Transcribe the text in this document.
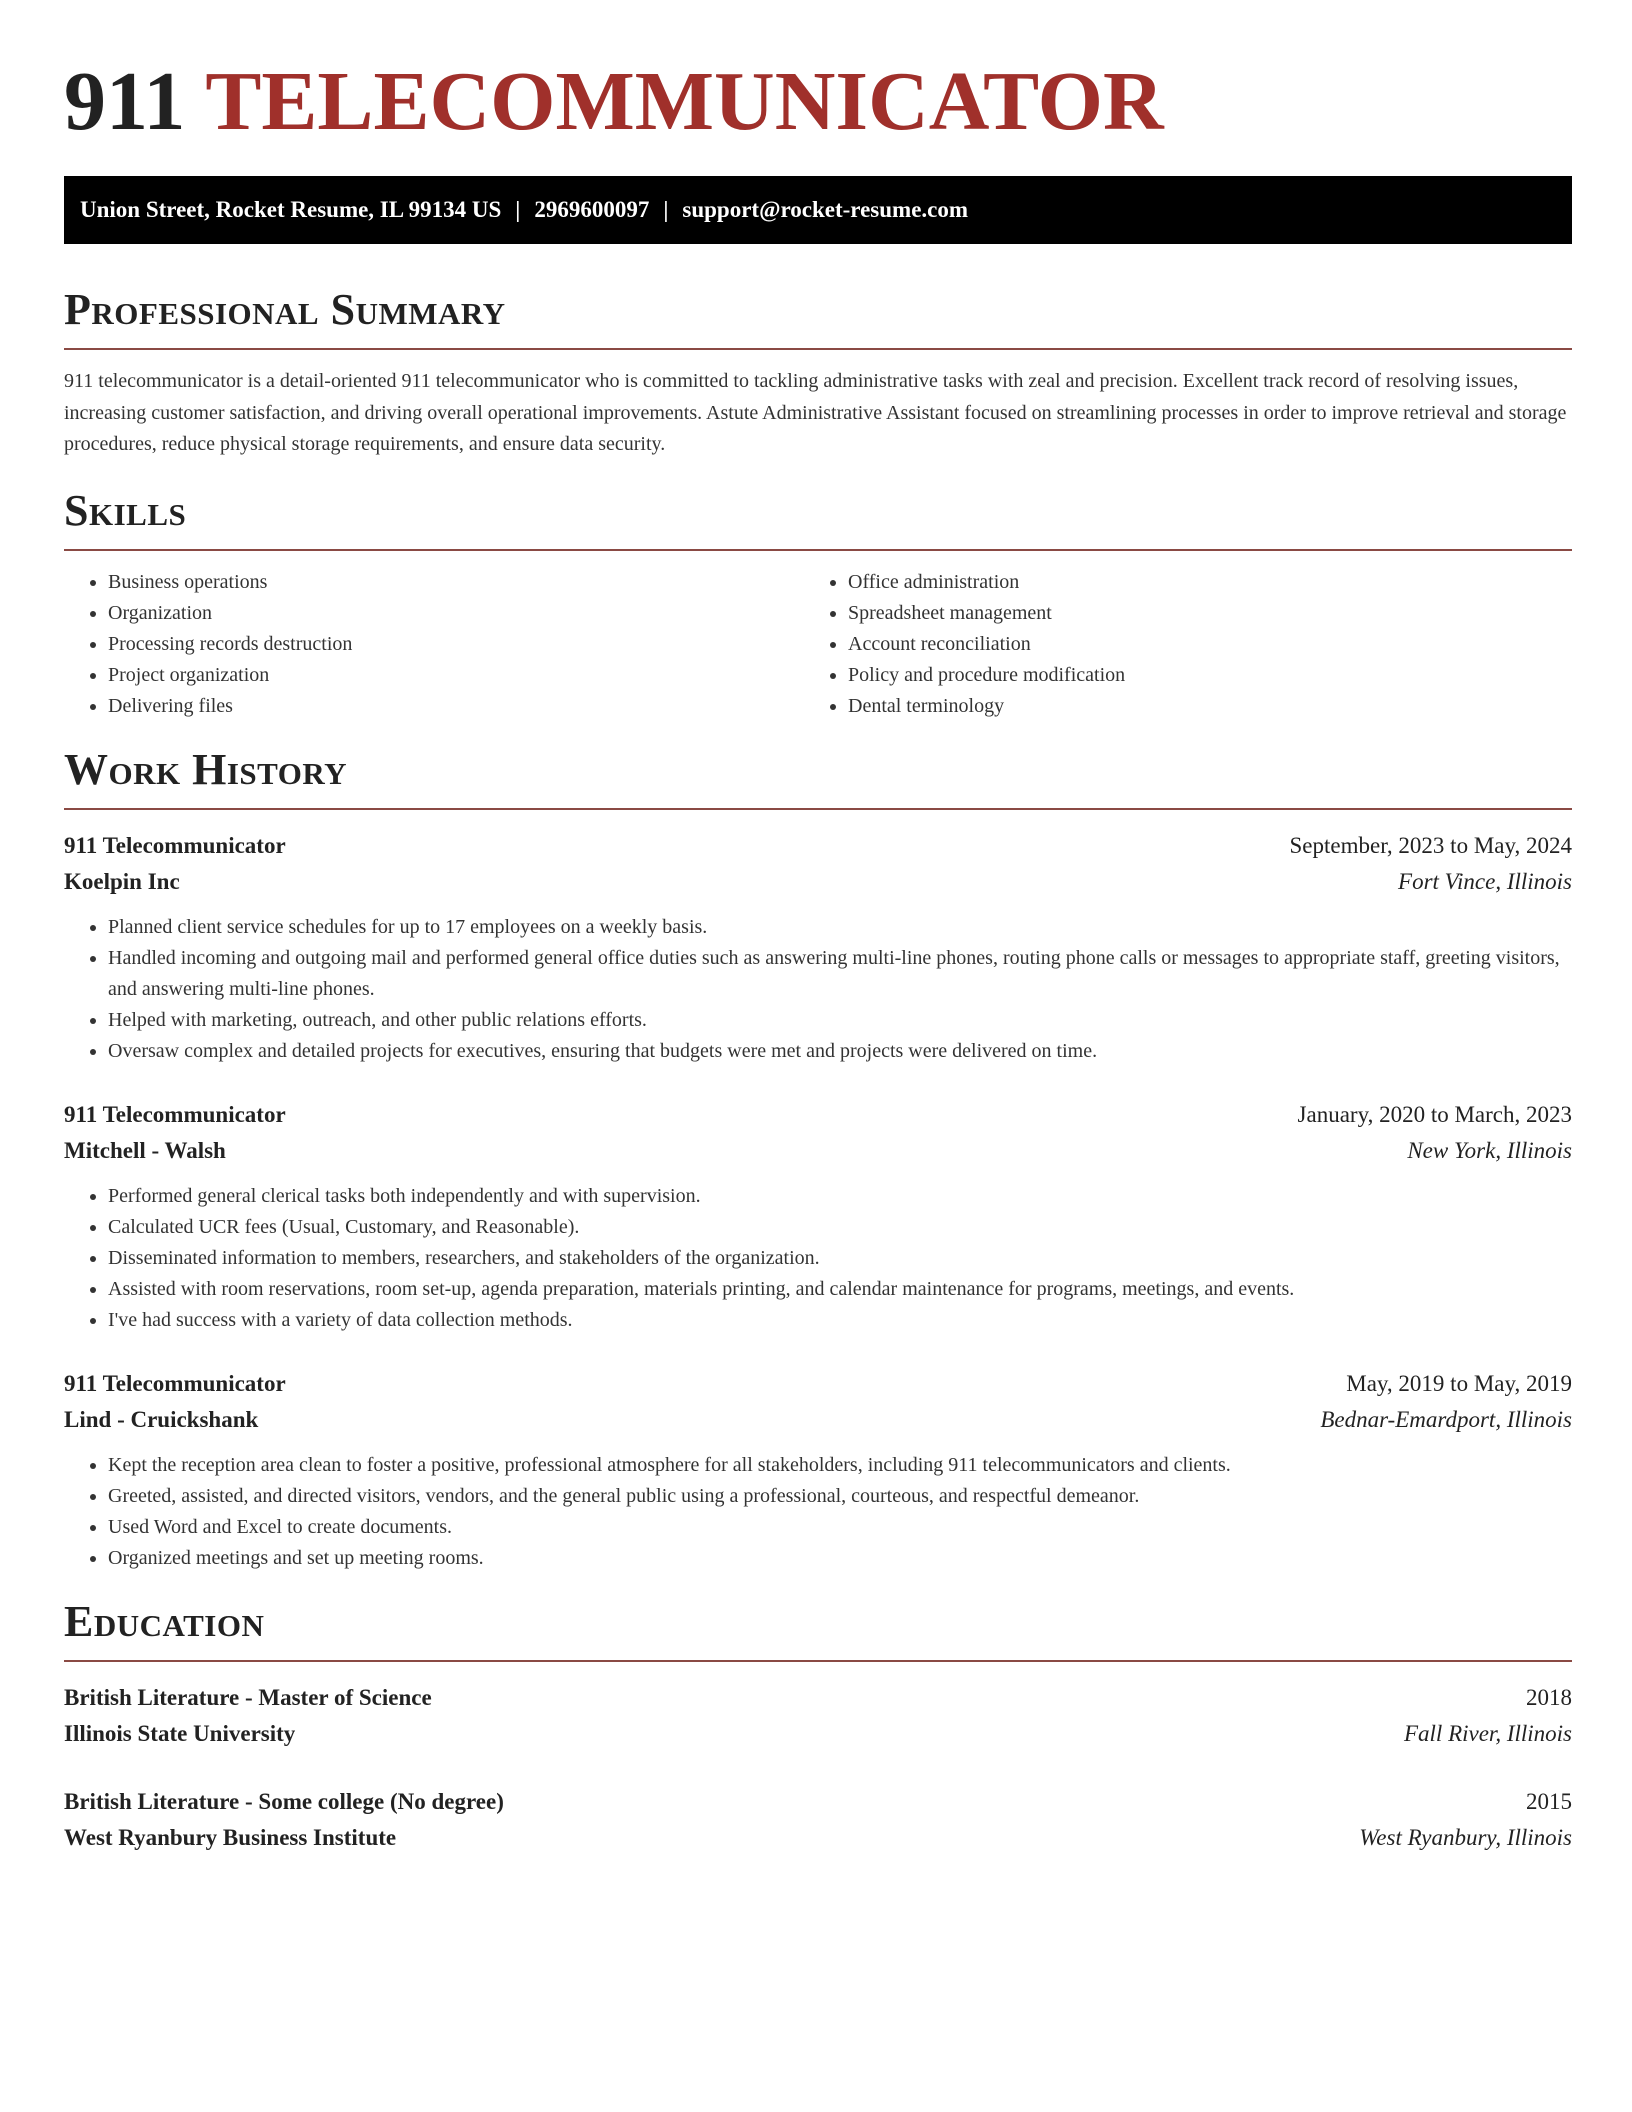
911 TELECOMMUNICATOR
Union Street, Rocket Resume, IL 99134 US | 2969600097 | support@rocket-resume.com
Professional Summary

911 telecommunicator is a detail-oriented 911 telecommunicator who is committed to tackling administrative tasks with zeal and precision. Excellent track record of resolving issues, increasing customer satisfaction, and driving overall operational improvements. Astute Administrative Assistant focused on streamlining processes in order to improve retrieval and storage procedures, reduce physical storage requirements, and ensure data security.

Skills
• Business operations
• Organization
• Processing records destruction
• Project organization
• Delivering files
• Office administration
• Spreadsheet management
• Account reconciliation
• Policy and procedure modification
• Dental terminology
Work History
911 Telecommunicator	September, 2023 to May, 2024
Koelpin Inc	Fort Vince, Illinois
• Planned client service schedules for up to 17 employees on a weekly basis.
• Handled incoming and outgoing mail and performed general office duties such as answering multi-line phones, routing phone calls or messages to appropriate staff, greeting visitors, and answering multi-line phones.
• Helped with marketing, outreach, and other public relations efforts.
• Oversaw complex and detailed projects for executives, ensuring that budgets were met and projects were delivered on time.
911 Telecommunicator	January, 2020 to March, 2023
Mitchell - Walsh	New York, Illinois
• Performed general clerical tasks both independently and with supervision.
• Calculated UCR fees (Usual, Customary, and Reasonable).
• Disseminated information to members, researchers, and stakeholders of the organization.
• Assisted with room reservations, room set-up, agenda preparation, materials printing, and calendar maintenance for programs, meetings, and events.
• I've had success with a variety of data collection methods.
911 Telecommunicator	May, 2019 to May, 2019
Lind - Cruickshank	Bednar-Emardport, Illinois
• Kept the reception area clean to foster a positive, professional atmosphere for all stakeholders, including 911 telecommunicators and clients.
• Greeted, assisted, and directed visitors, vendors, and the general public using a professional, courteous, and respectful demeanor.
• Used Word and Excel to create documents.
• Organized meetings and set up meeting rooms.
Education
British Literature - Master of Science	2018
Illinois State University	Fall River, Illinois
British Literature - Some college (No degree)	2015
West Ryanbury Business Institute	West Ryanbury, Illinois
